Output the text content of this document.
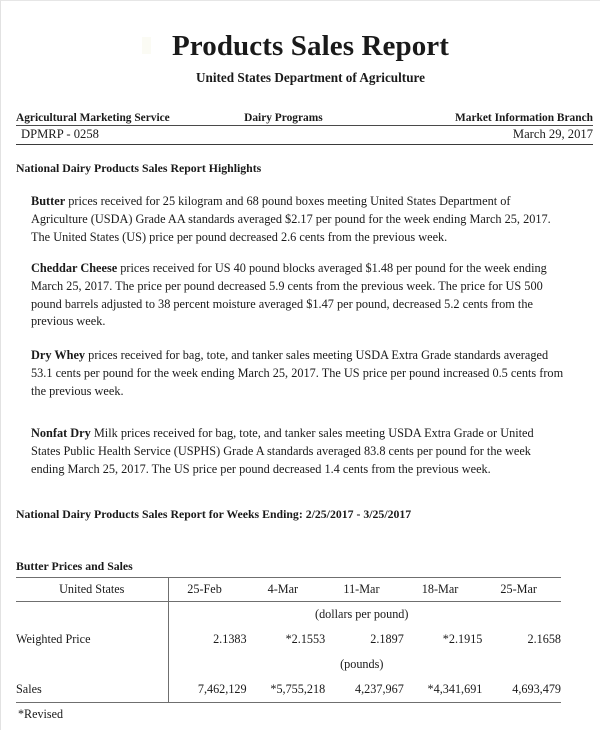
Products Sales Report
United States Department of Agriculture
Agricultural Marketing Service	Dairy Programs	Market Information Branch
DPMRP - 0258	March 29, 2017
National Dairy Products Sales Report Highlights

Butter prices received for 25 kilogram and 68 pound boxes meeting United States Department of Agriculture (USDA) Grade AA standards averaged $2.17 per pound for the week ending March 25, 2017. The United States (US) price per pound decreased 2.6 cents from the previous week.

Cheddar Cheese prices received for US 40 pound blocks averaged $1.48 per pound for the week ending March 25, 2017. The price per pound decreased 5.9 cents from the previous week. The price for US 500 pound barrels adjusted to 38 percent moisture averaged $1.47 per pound, decreased 5.2 cents from the previous week.

Dry Whey prices received for bag, tote, and tanker sales meeting USDA Extra Grade standards averaged 53.1 cents per pound for the week ending March 25, 2017. The US price per pound increased 0.5 cents from the previous week.

Nonfat Dry Milk prices received for bag, tote, and tanker sales meeting USDA Extra Grade or United States Public Health Service (USPHS) Grade A standards averaged 83.8 cents per pound for the week ending March 25, 2017. The US price per pound decreased 1.4 cents from the previous week.

National Dairy Products Sales Report for Weeks Ending: 2/25/2017 - 3/25/2017
Butter Prices and Sales
United States	25-Feb	4-Mar	11-Mar	18-Mar	25-Mar
	(dollars per pound)				
Weighted Price	2.1383	*2.1553	2.1897	*2.1915	2.1658
	(pounds)				
Sales	7,462,129	*5,755,218	4,237,967	*4,341,691	4,693,479
*Revised
